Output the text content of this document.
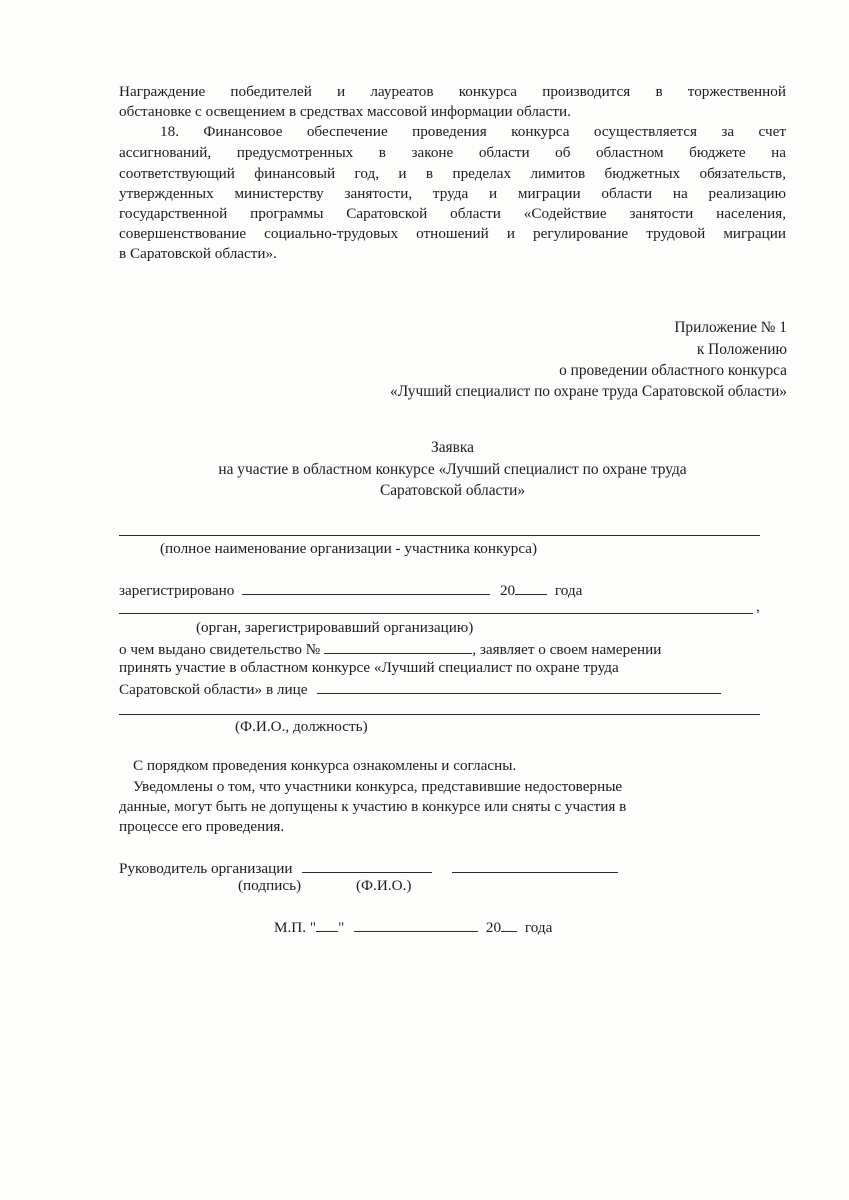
Награждение победителей и лауреатов конкурса производится в торжественной
обстановке с освещением в средствах массовой информации области.
18. Финансовое обеспечение проведения конкурса осуществляется за счет
ассигнований, предусмотренных в законе области об областном бюджете на
соответствующий финансовый год, и в пределах лимитов бюджетных обязательств,
утвержденных министерству занятости, труда и миграции области на реализацию
государственной программы Саратовской области «Содействие занятости населения,
совершенствование социально-трудовых отношений и регулирование трудовой миграции
в Саратовской области».
Приложение № 1
к Положению
о проведении областного конкурса
«Лучший специалист по охране труда Саратовской области»
Заявка
на участие в областном конкурсе «Лучший специалист по охране труда
Саратовской области»
(полное наименование организации - участника конкурса)
зарегистрировано	20	года
,
(орган, зарегистрировавший организацию)
о чем выдано свидетельство №	, заявляет о своем намерении
принять участие в областном конкурсе «Лучший специалист по охране труда
Саратовской области» в лице
(Ф.И.О., должность)
С порядком проведения конкурса ознакомлены и согласны.
Уведомлены о том, что участники конкурса, представившие недостоверные
данные, могут быть не допущены к участию в конкурсе или сняты с участия в
процессе его проведения.
Руководитель организации
(подпись)	(Ф.И.О.)
М.П. " "	20 года
